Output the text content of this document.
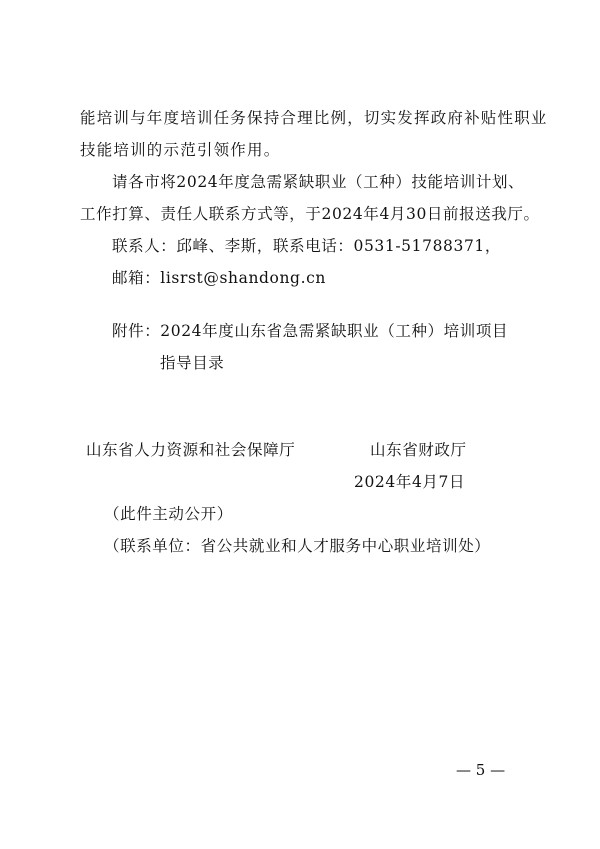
能培训与年度培训任务保持合理比例，切实发挥政府补贴性职业
技能培训的示范引领作用。
请各市将2024年度急需紧缺职业（工种）技能培训计划、
工作打算、责任人联系方式等，于2024年4月30日前报送我厅。
联系人：邱峰、李斯，联系电话：0531-51788371，
邮箱：lisrst@shandong.cn
附件：2024年度山东省急需紧缺职业（工种）培训项目
指导目录
山东省人力资源和社会保障厅	山东省财政厅
2024年4月7日
（此件主动公开）
（联系单位：省公共就业和人才服务中心职业培训处）
— 5 —
